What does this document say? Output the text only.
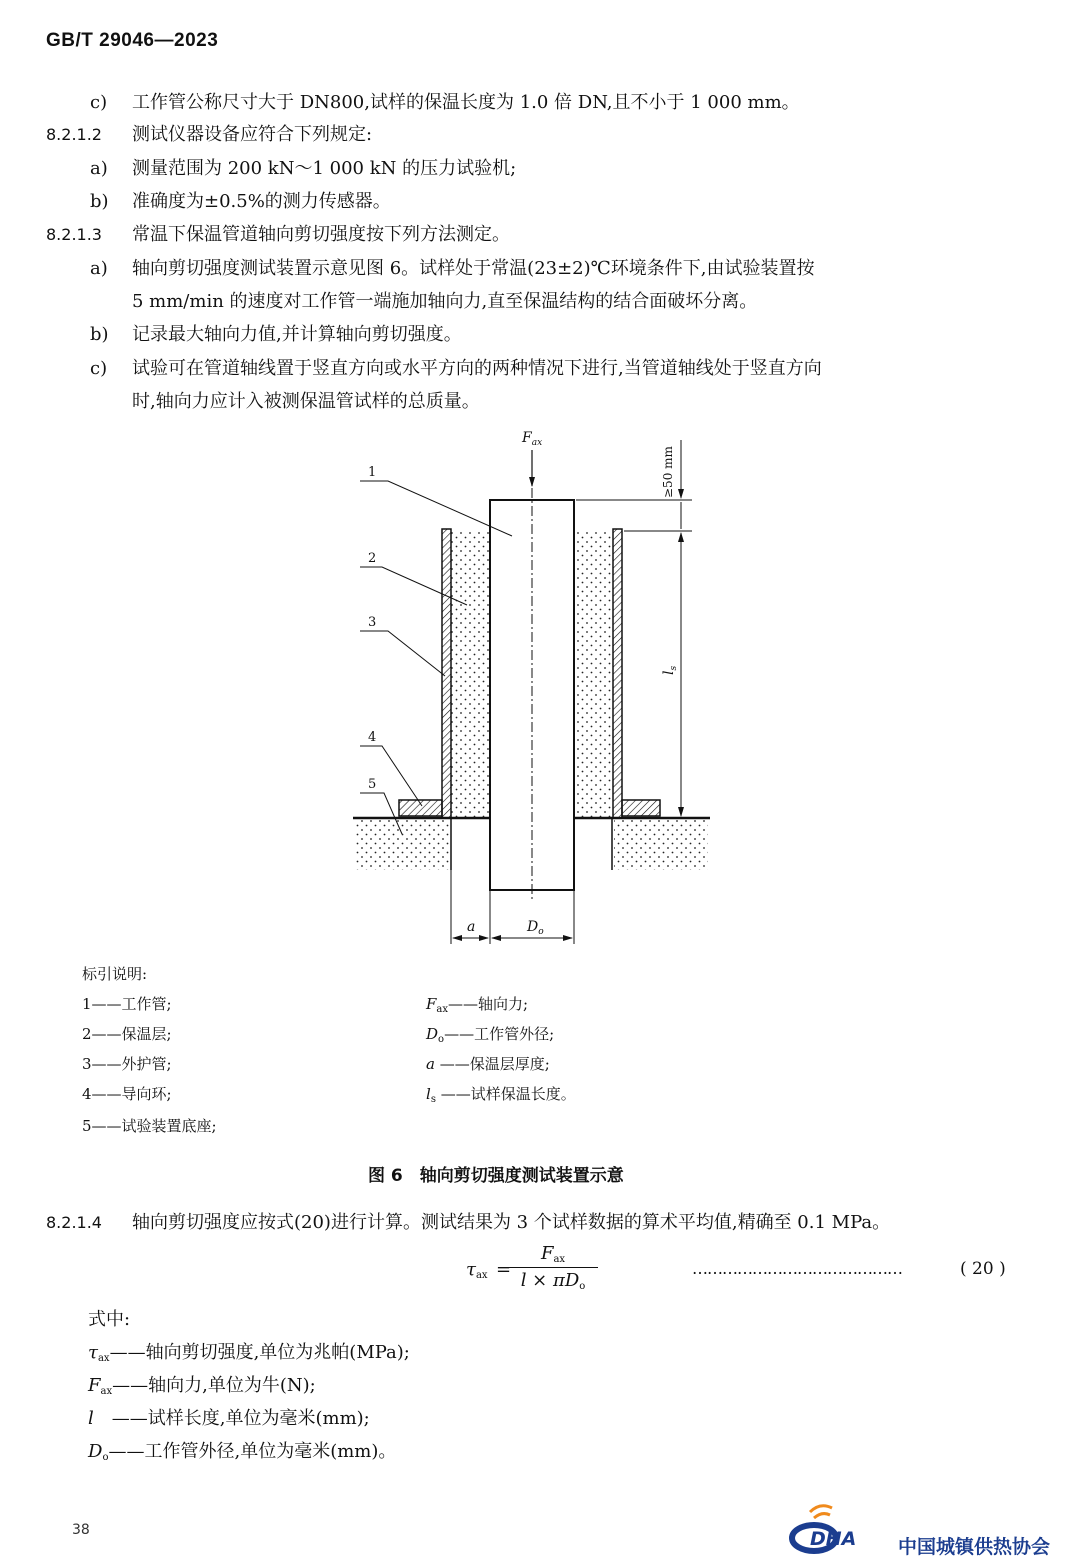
GB/T 29046—2023
c) 工作管公称尺寸大于 DN800,试样的保温长度为 1.0 倍 DN,且不小于 1 000 mm。
8.2.1.2 测试仪器设备应符合下列规定:
a) 测量范围为 200 kN～1 000 kN 的压力试验机;
b) 准确度为±0.5%的测力传感器。
8.2.1.3 常温下保温管道轴向剪切强度按下列方法测定。
a) 轴向剪切强度测试装置示意见图 6。试样处于常温(23±2)℃环境条件下,由试验装置按
5 mm/min 的速度对工作管一端施加轴向力,直至保温结构的结合面破坏分离。
b) 记录最大轴向力值,并计算轴向剪切强度。
c) 试验可在管道轴线置于竖直方向或水平方向的两种情况下进行,当管道轴线处于竖直方向
时,轴向力应计入被测保温管试样的总质量。
1
2
3
4
5
$F_{ax}$
≥50 mm
$l_s$
a	$D_o$
标引说明:
1——工作管;
2——保温层;
3——外护管;
4——导向环;
5——试验装置底座;
$F_{ax}——$轴向力;
$D_o——$工作管外径;
a ——保温层厚度;
$l_s$ ——试样保温长度。
图 6　轴向剪切强度测试装置示意
8.2.1.4 轴向剪切强度应按式(20)进行计算。测试结果为 3 个试样数据的算术平均值,精确至 0.1 MPa。
$\tau_{ax}$ =
$F_{ax}$
$l \times \pi D_o$
……………………………………	( 20 )
式中:
$\tau_{ax}——$轴向剪切强度,单位为兆帕(MPa);
$F_{ax}——$轴向力,单位为牛(N);
l　——试样长度,单位为毫米(mm);
$D_o——$工作管外径,单位为毫米(mm)。
38	DHA 中国城镇供热协会
